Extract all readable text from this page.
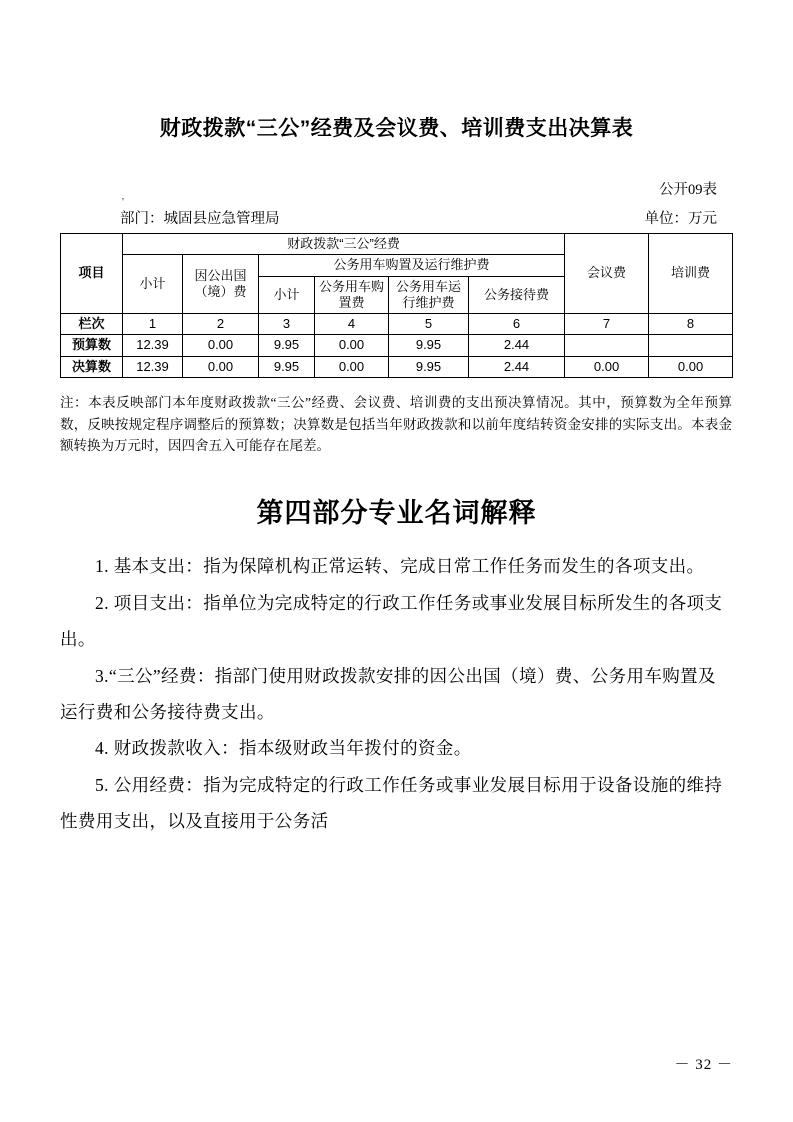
财政拨款“三公”经费及会议费、培训费支出决算表
公开09表
'
部门：城固县应急管理局	单位：万元
项目	财政拨款“三公”经费						会议费	培训费
	小计	因公出国（境）费	公务用车购置及运行维护费					
			小计	公务用车购置费	公务用车运行维护费	公务接待费		
栏次	1	2	3	4	5	6	7	8
预算数	12.39	0.00	9.95	0.00	9.95	2.44		
决算数	12.39	0.00	9.95	0.00	9.95	2.44	0.00	0.00
注：本表反映部门本年度财政拨款“三公”经费、会议费、培训费的支出预决算情况。其中，预算数为全年预算数，反映按规定程序调整后的预算数；决算数是包括当年财政拨款和以前年度结转资金安排的实际支出。本表金额转换为万元时，因四舍五入可能存在尾差。
第四部分专业名词解释

1. 基本支出：指为保障机构正常运转、完成日常工作任务而发生的各项支出。

2. 项目支出：指单位为完成特定的行政工作任务或事业发展目标所发生的各项支出。

3.“三公”经费：指部门使用财政拨款安排的因公出国（境）费、公务用车购置及运行费和公务接待费支出。

4. 财政拨款收入：指本级财政当年拨付的资金。

5. 公用经费：指为完成特定的行政工作任务或事业发展目标用于设备设施的维持性费用支出，以及直接用于公务活

－ 32 －
